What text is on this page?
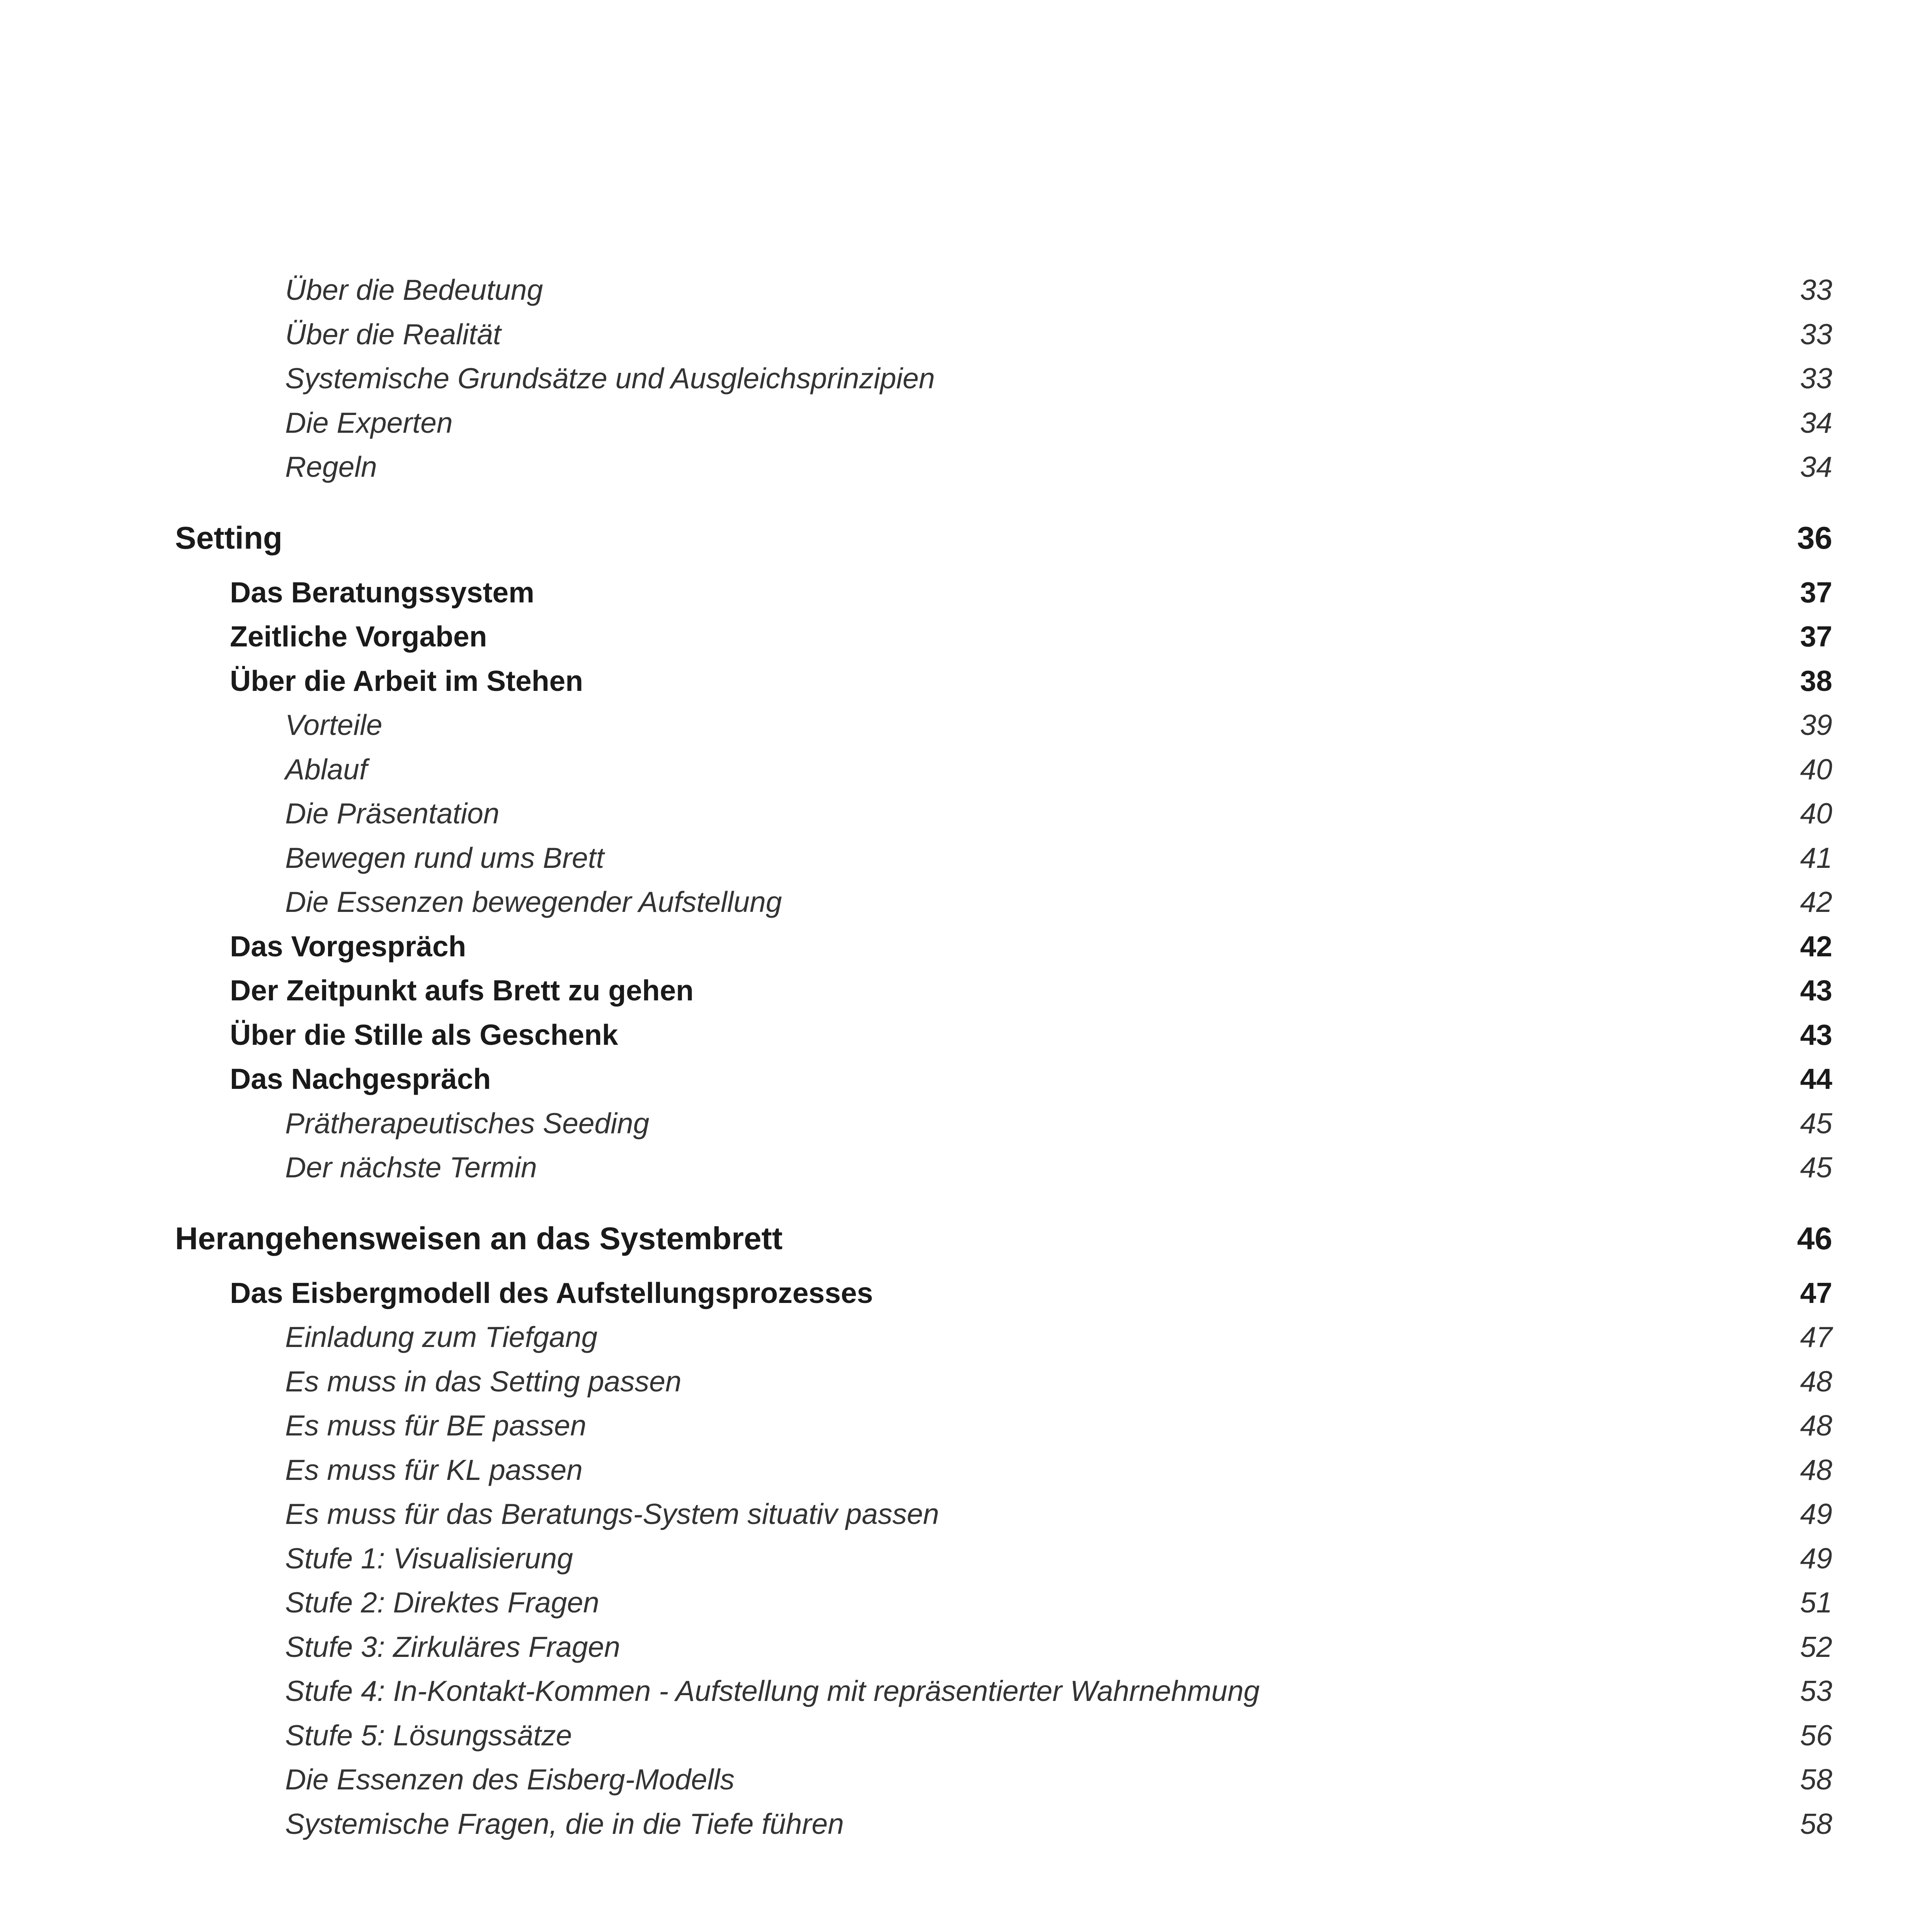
Über die Bedeutung	33
Über die Realität	33
Systemische Grundsätze und Ausgleichsprinzipien	33
Die Experten	34
Regeln	34
Setting	36
Das Beratungssystem	37
Zeitliche Vorgaben	37
Über die Arbeit im Stehen	38
Vorteile	39
Ablauf	40
Die Präsentation	40
Bewegen rund ums Brett	41
Die Essenzen bewegender Aufstellung	42
Das Vorgespräch	42
Der Zeitpunkt aufs Brett zu gehen	43
Über die Stille als Geschenk	43
Das Nachgespräch	44
Prätherapeutisches Seeding	45
Der nächste Termin	45
Herangehensweisen an das Systembrett	46
Das Eisbergmodell des Aufstellungsprozesses	47
Einladung zum Tiefgang	47
Es muss in das Setting passen	48
Es muss für BE passen	48
Es muss für KL passen	48
Es muss für das Beratungs-System situativ passen	49
Stufe 1: Visualisierung	49
Stufe 2: Direktes Fragen	51
Stufe 3: Zirkuläres Fragen	52
Stufe 4: In-Kontakt-Kommen - Aufstellung mit repräsentierter Wahrnehmung	53
Stufe 5: Lösungssätze	56
Die Essenzen des Eisberg-Modells	58
Systemische Fragen, die in die Tiefe führen	58
